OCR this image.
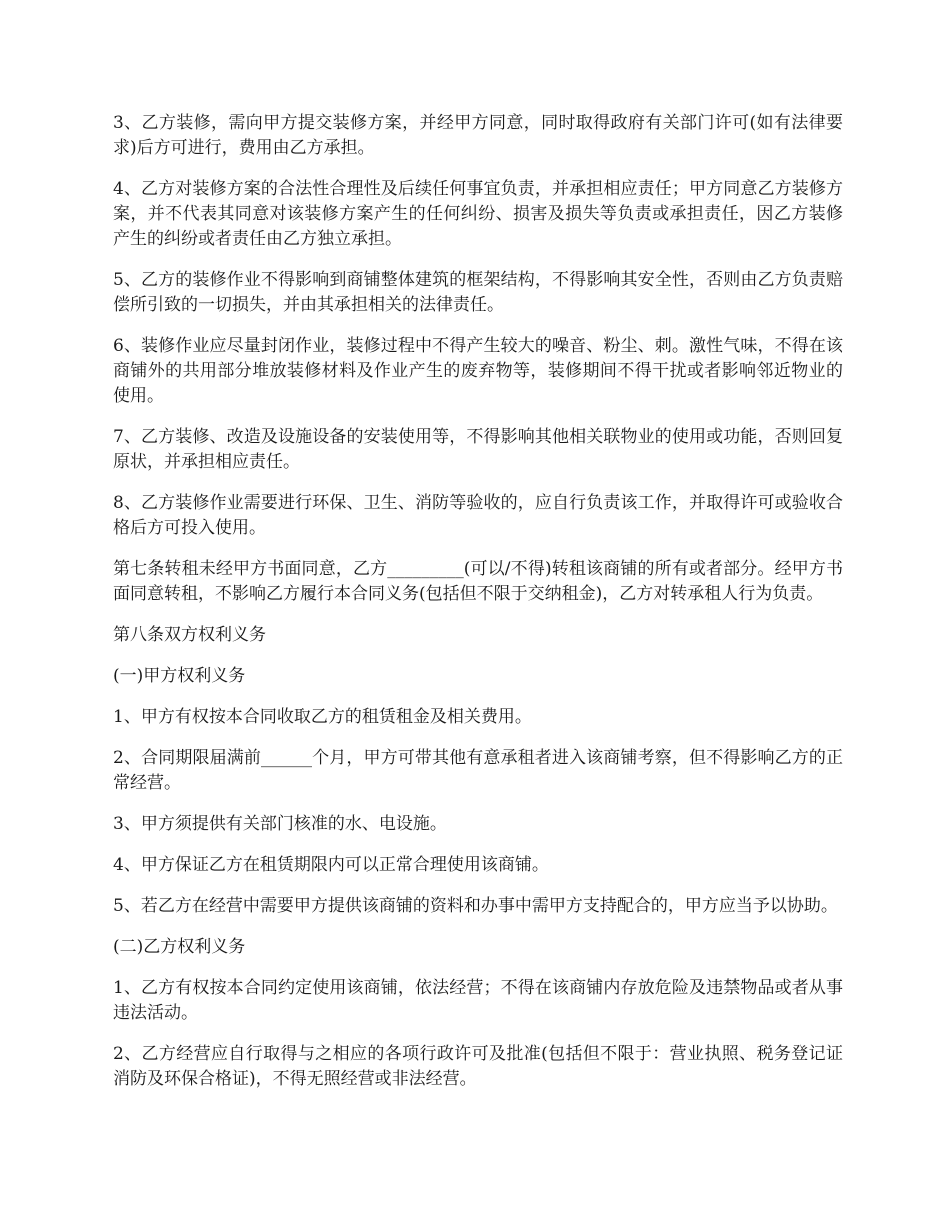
3、乙方装修，需向甲方提交装修方案，并经甲方同意，同时取得政府有关部门许可(如有法律要求)后方可进行，费用由乙方承担。

4、乙方对装修方案的合法性合理性及后续任何事宜负责，并承担相应责任；甲方同意乙方装修方案，并不代表其同意对该装修方案产生的任何纠纷、损害及损失等负责或承担责任，因乙方装修产生的纠纷或者责任由乙方独立承担。

5、乙方的装修作业不得影响到商铺整体建筑的框架结构，不得影响其安全性，否则由乙方负责赔偿所引致的一切损失，并由其承担相关的法律责任。

6、装修作业应尽量封闭作业，装修过程中不得产生较大的噪音、粉尘、刺。激性气味，不得在该商铺外的共用部分堆放装修材料及作业产生的废弃物等，装修期间不得干扰或者影响邻近物业的使用。

7、乙方装修、改造及设施设备的安装使用等，不得影响其他相关联物业的使用或功能，否则回复原状，并承担相应责任。

8、乙方装修作业需要进行环保、卫生、消防等验收的，应自行负责该工作，并取得许可或验收合格后方可投入使用。

第七条转租未经甲方书面同意，乙方_________(可以/不得)转租该商铺的所有或者部分。经甲方书面同意转租，不影响乙方履行本合同义务(包括但不限于交纳租金)，乙方对转承租人行为负责。

第八条双方权利义务

(一)甲方权利义务

1、甲方有权按本合同收取乙方的租赁租金及相关费用。

2、合同期限届满前______个月，甲方可带其他有意承租者进入该商铺考察，但不得影响乙方的正常经营。

3、甲方须提供有关部门核准的水、电设施。

4、甲方保证乙方在租赁期限内可以正常合理使用该商铺。

5、若乙方在经营中需要甲方提供该商铺的资料和办事中需甲方支持配合的，甲方应当予以协助。

(二)乙方权利义务

1、乙方有权按本合同约定使用该商铺，依法经营；不得在该商铺内存放危险及违禁物品或者从事违法活动。

2、乙方经营应自行取得与之相应的各项行政许可及批准(包括但不限于：营业执照、税务登记证消防及环保合格证)，不得无照经营或非法经营。
